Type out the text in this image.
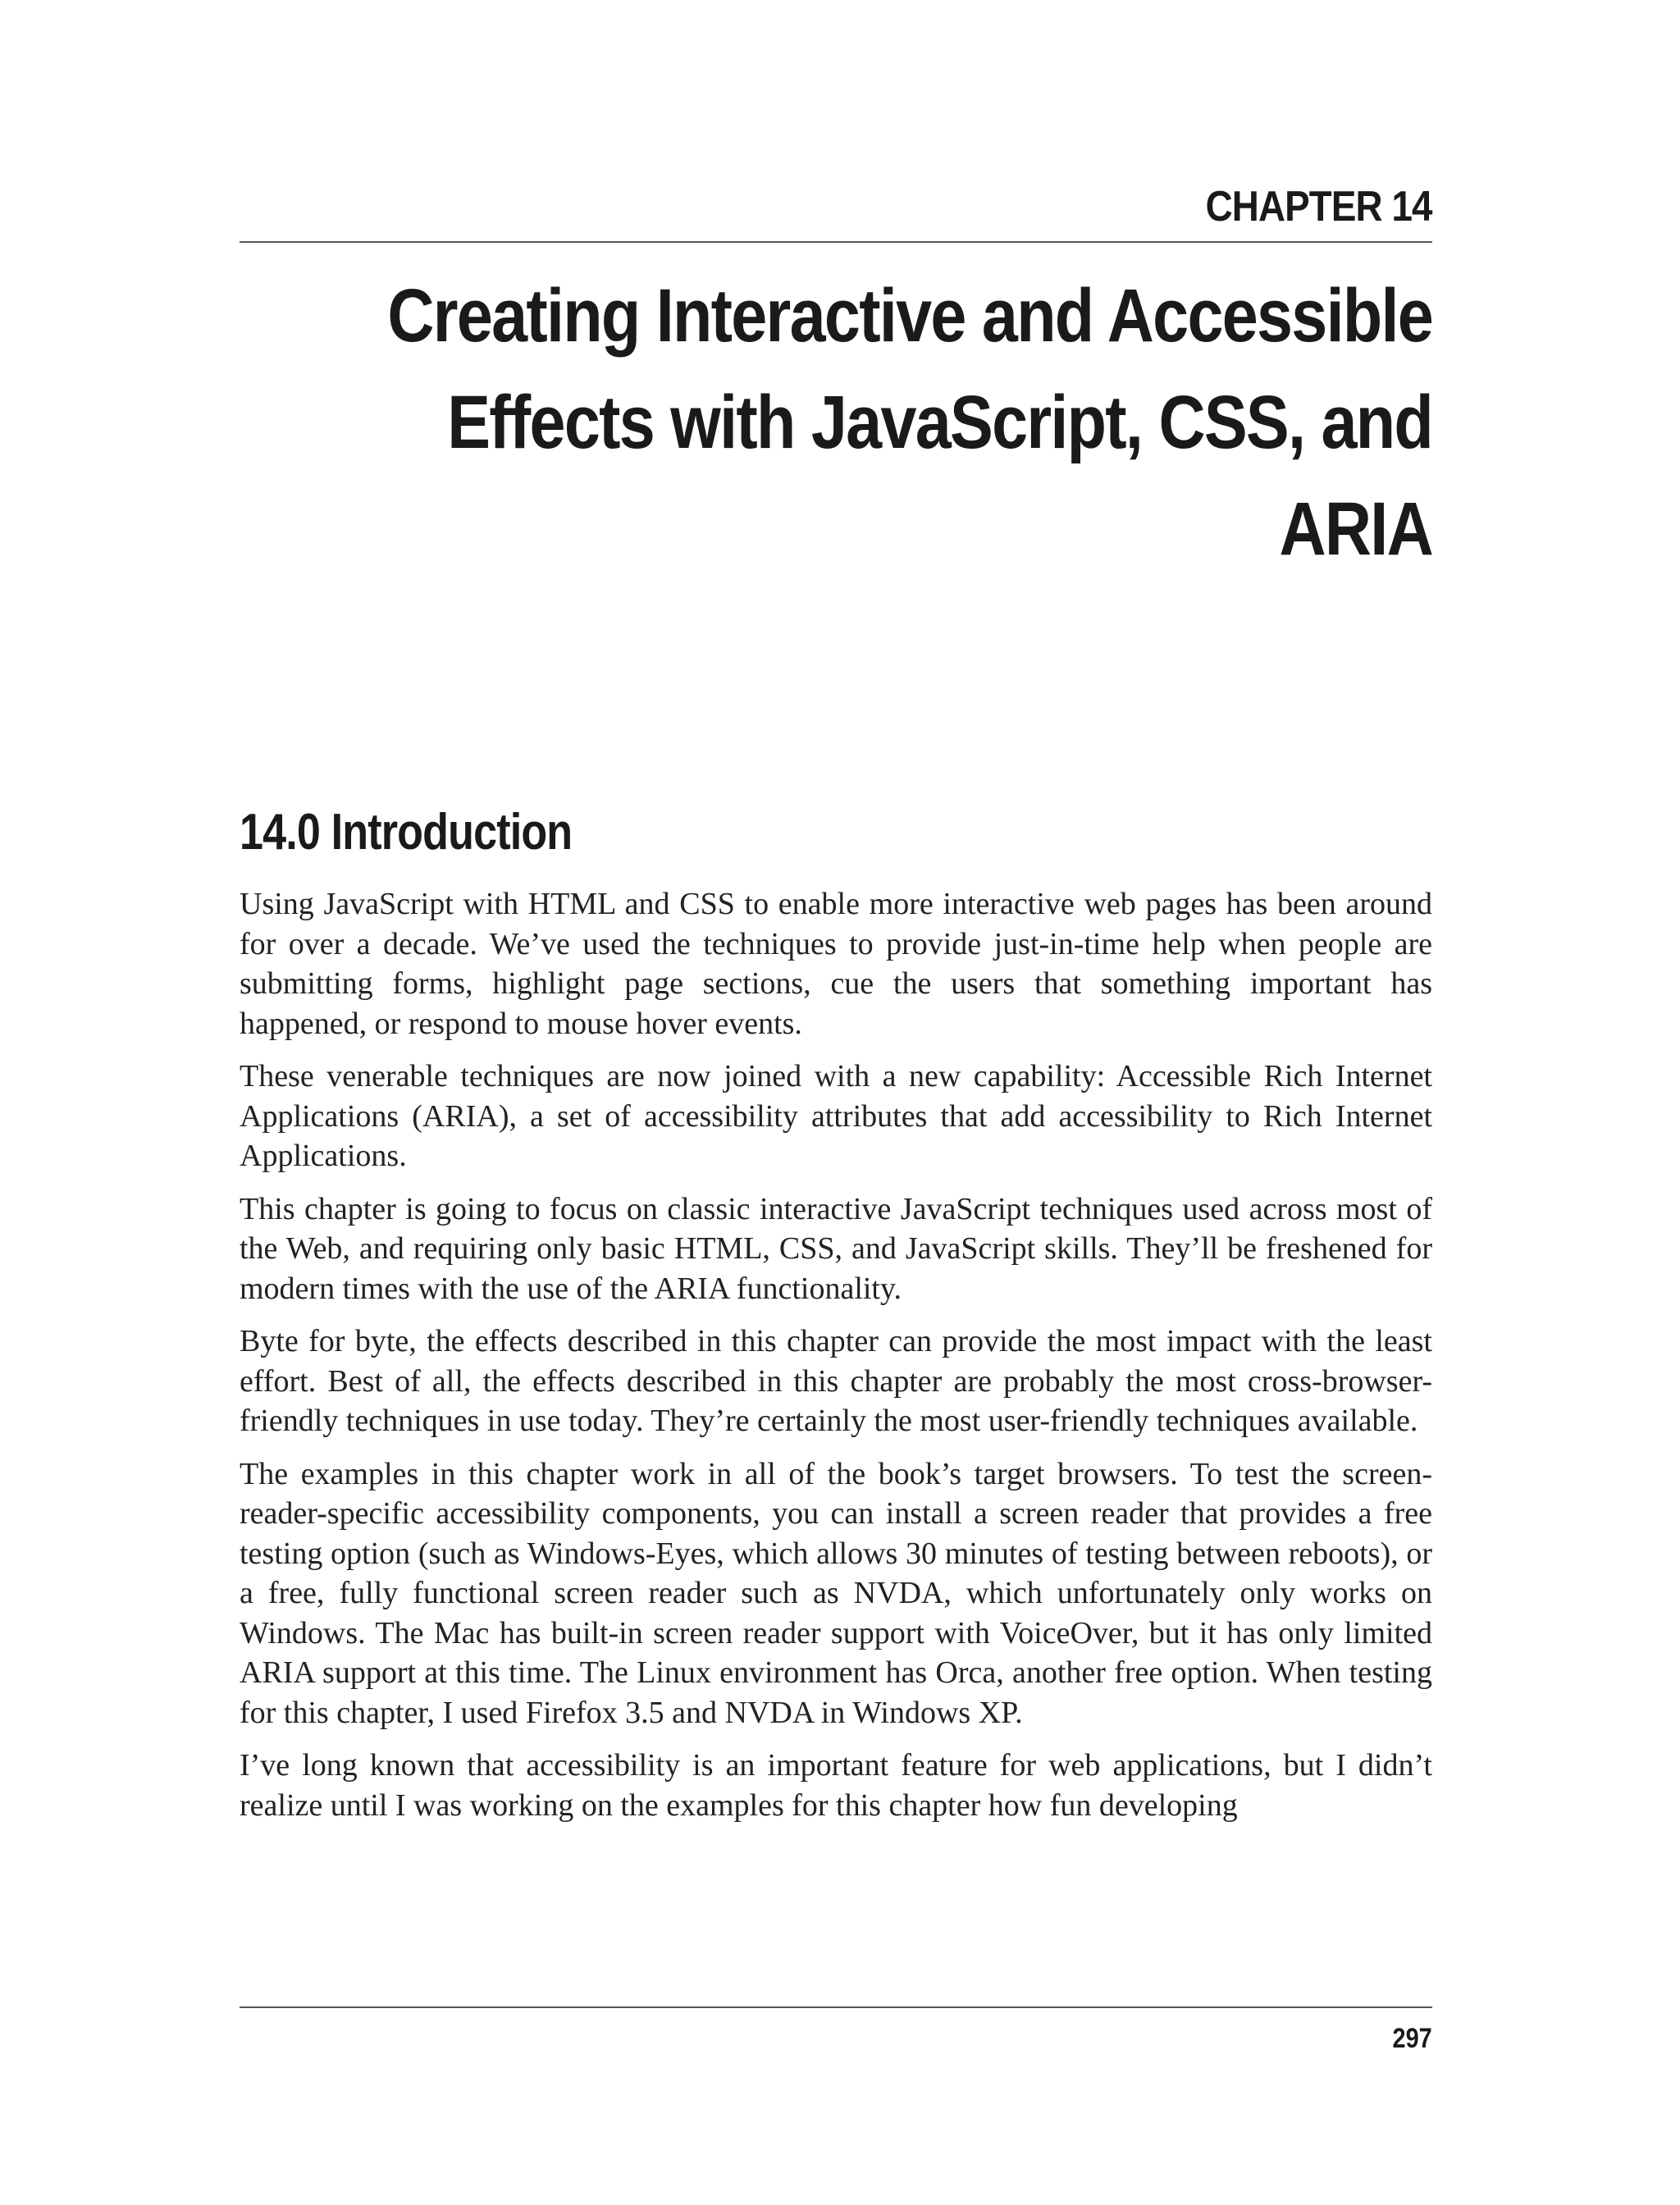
CHAPTER 14
Creating Interactive and Accessible
Effects with JavaScript, CSS, and ARIA
14.0 Introduction

Using JavaScript with HTML and CSS to enable more interactive web pages has been around for over a decade. We’ve used the techniques to provide just-in-time help when people are submitting forms, highlight page sections, cue the users that something important has happened, or respond to mouse hover events.

These venerable techniques are now joined with a new capability: Accessible Rich Internet Applications (ARIA), a set of accessibility attributes that add accessibility to Rich Internet Applications.

This chapter is going to focus on classic interactive JavaScript techniques used across most of the Web, and requiring only basic HTML, CSS, and JavaScript skills. They’ll be freshened for modern times with the use of the ARIA functionality.

Byte for byte, the effects described in this chapter can provide the most impact with the least effort. Best of all, the effects described in this chapter are probably the most cross-browser-friendly techniques in use today. They’re certainly the most user-friendly techniques available.

The examples in this chapter work in all of the book’s target browsers. To test the screen-reader-specific accessibility components, you can install a screen reader that provides a free testing option (such as Windows-Eyes, which allows 30 minutes of testing between reboots), or a free, fully functional screen reader such as NVDA, which unfortunately only works on Windows. The Mac has built-in screen reader support with VoiceOver, but it has only limited ARIA support at this time. The Linux environment has Orca, another free option. When testing for this chapter, I used Firefox 3.5 and NVDA in Windows XP.

I’ve long known that accessibility is an important feature for web applications, but I didn’t realize until I was working on the examples for this chapter how fun developing

297
